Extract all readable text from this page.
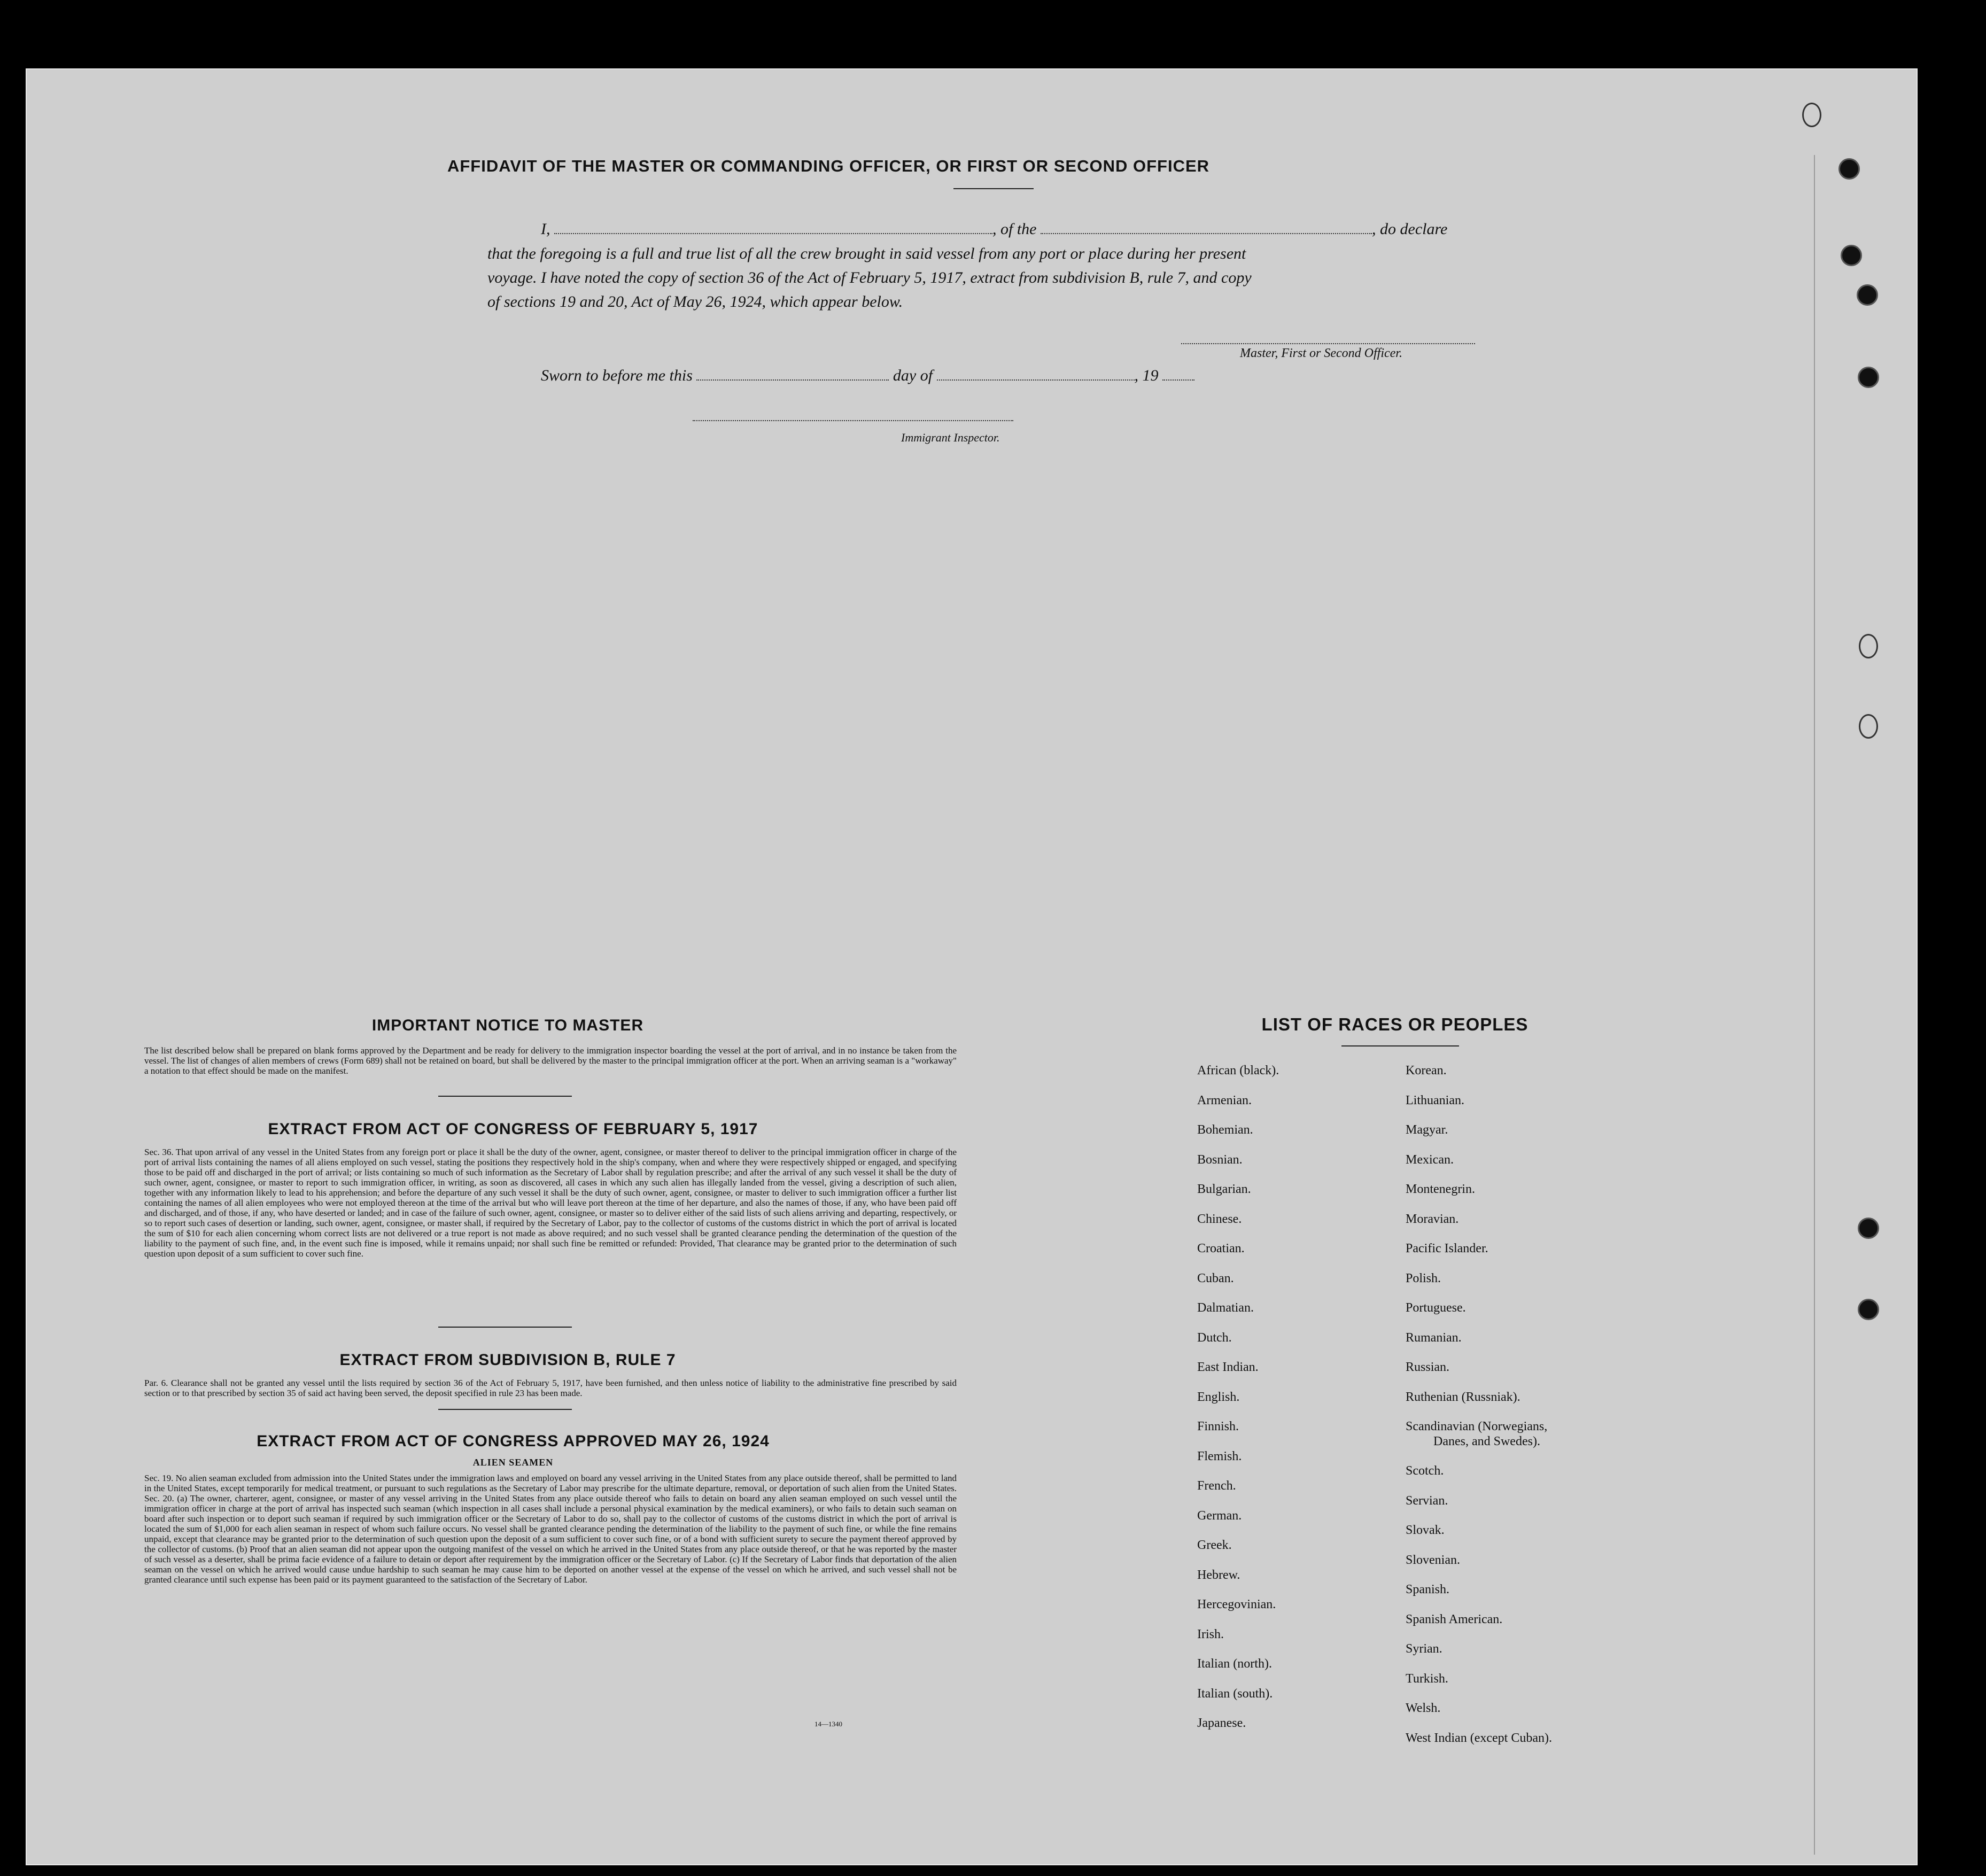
AFFIDAVIT OF THE MASTER OR COMMANDING OFFICER, OR FIRST OR SECOND OFFICER
I,	, of the	, do declare
that the foregoing is a full and true list of all the crew brought in said vessel from any port or place during her present
voyage. I have noted the copy of section 36 of the Act of February 5, 1917, extract from subdivision B, rule 7, and copy
of sections 19 and 20, Act of May 26, 1924, which appear below.
Master, First or Second Officer.
Sworn to before me this	day of	, 19
Immigrant Inspector.
IMPORTANT NOTICE TO MASTER
The list described below shall be prepared on blank forms approved by the Department and be ready for delivery to the immigration inspector boarding the vessel at the port of arrival, and in no instance be taken from the vessel. The list of changes of alien members of crews (Form 689) shall not be retained on board, but shall be delivered by the master to the principal immigration officer at the port. When an arriving seaman is a "workaway" a notation to that effect should be made on the manifest.
EXTRACT FROM ACT OF CONGRESS OF FEBRUARY 5, 1917
Sec. 36. That upon arrival of any vessel in the United States from any foreign port or place it shall be the duty of the owner, agent, consignee, or master thereof to deliver to the principal immigration officer in charge of the port of arrival lists containing the names of all aliens employed on such vessel, stating the positions they respectively hold in the ship's company, when and where they were respectively shipped or engaged, and specifying those to be paid off and discharged in the port of arrival; or lists containing so much of such information as the Secretary of Labor shall by regulation prescribe; and after the arrival of any such vessel it shall be the duty of such owner, agent, consignee, or master to report to such immigration officer, in writing, as soon as discovered, all cases in which any such alien has illegally landed from the vessel, giving a description of such alien, together with any information likely to lead to his apprehension; and before the departure of any such vessel it shall be the duty of such owner, agent, consignee, or master to deliver to such immigration officer a further list containing the names of all alien employees who were not employed thereon at the time of the arrival but who will leave port thereon at the time of her departure, and also the names of those, if any, who have been paid off and discharged, and of those, if any, who have deserted or landed; and in case of the failure of such owner, agent, consignee, or master so to deliver either of the said lists of such aliens arriving and departing, respectively, or so to report such cases of desertion or landing, such owner, agent, consignee, or master shall, if required by the Secretary of Labor, pay to the collector of customs of the customs district in which the port of arrival is located the sum of $10 for each alien concerning whom correct lists are not delivered or a true report is not made as above required; and no such vessel shall be granted clearance pending the determination of the question of the liability to the payment of such fine, and, in the event such fine is imposed, while it remains unpaid; nor shall such fine be remitted or refunded: Provided, That clearance may be granted prior to the determination of such question upon deposit of a sum sufficient to cover such fine.
EXTRACT FROM SUBDIVISION B, RULE 7
Par. 6. Clearance shall not be granted any vessel until the lists required by section 36 of the Act of February 5, 1917, have been furnished, and then unless notice of liability to the administrative fine prescribed by said section or to that prescribed by section 35 of said act having been served, the deposit specified in rule 23 has been made.
EXTRACT FROM ACT OF CONGRESS APPROVED MAY 26, 1924
ALIEN SEAMEN
Sec. 19. No alien seaman excluded from admission into the United States under the immigration laws and employed on board any vessel arriving in the United States from any place outside thereof, shall be permitted to land in the United States, except temporarily for medical treatment, or pursuant to such regulations as the Secretary of Labor may prescribe for the ultimate departure, removal, or deportation of such alien from the United States. Sec. 20. (a) The owner, charterer, agent, consignee, or master of any vessel arriving in the United States from any place outside thereof who fails to detain on board any alien seaman employed on such vessel until the immigration officer in charge at the port of arrival has inspected such seaman (which inspection in all cases shall include a personal physical examination by the medical examiners), or who fails to detain such seaman on board after such inspection or to deport such seaman if required by such immigration officer or the Secretary of Labor to do so, shall pay to the collector of customs of the customs district in which the port of arrival is located the sum of $1,000 for each alien seaman in respect of whom such failure occurs. No vessel shall be granted clearance pending the determination of the liability to the payment of such fine, or while the fine remains unpaid, except that clearance may be granted prior to the determination of such question upon the deposit of a sum sufficient to cover such fine, or of a bond with sufficient surety to secure the payment thereof approved by the collector of customs. (b) Proof that an alien seaman did not appear upon the outgoing manifest of the vessel on which he arrived in the United States from any place outside thereof, or that he was reported by the master of such vessel as a deserter, shall be prima facie evidence of a failure to detain or deport after requirement by the immigration officer or the Secretary of Labor. (c) If the Secretary of Labor finds that deportation of the alien seaman on the vessel on which he arrived would cause undue hardship to such seaman he may cause him to be deported on another vessel at the expense of the vessel on which he arrived, and such vessel shall not be granted clearance until such expense has been paid or its payment guaranteed to the satisfaction of the Secretary of Labor.
14—1340
LIST OF RACES OR PEOPLES
African (black).
Armenian.
Bohemian.
Bosnian.
Bulgarian.
Chinese.
Croatian.
Cuban.
Dalmatian.
Dutch.
East Indian.
English.
Finnish.
Flemish.
French.
German.
Greek.
Hebrew.
Hercegovinian.
Irish.
Italian (north).
Italian (south).
Japanese.
Korean.
Lithuanian.
Magyar.
Mexican.
Montenegrin.
Moravian.
Pacific Islander.
Polish.
Portuguese.
Rumanian.
Russian.
Ruthenian (Russniak).
Scandinavian (Norwegians,
Danes, and Swedes).
Scotch.
Servian.
Slovak.
Slovenian.
Spanish.
Spanish American.
Syrian.
Turkish.
Welsh.
West Indian (except Cuban).
